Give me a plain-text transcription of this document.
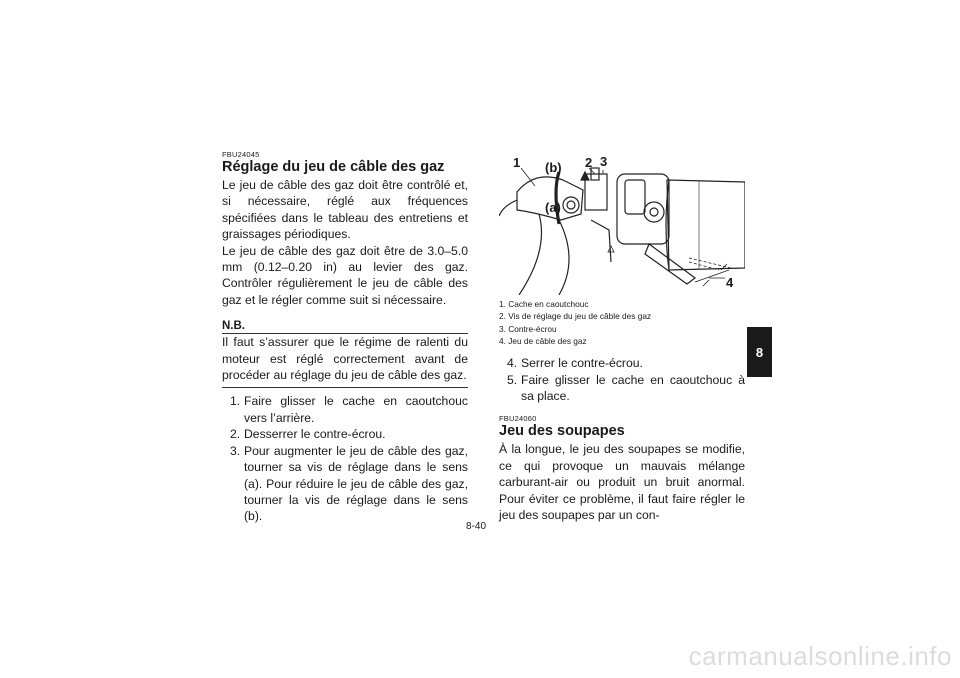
FBU24045
Réglage du jeu de câble des gaz

Le jeu de câble des gaz doit être contrôlé et, si nécessaire, réglé aux fréquences spécifiées dans le tableau des entretiens et graissages périodiques.

Le jeu de câble des gaz doit être de 3.0–5.0 mm (0.12–0.20 in) au levier des gaz. Contrôler régulièrement le jeu de câble des gaz et le régler comme suit si nécessaire.

N.B.

Il faut s’assurer que le régime de ralenti du moteur est réglé correctement avant de procéder au réglage du jeu de câble des gaz.

1. Faire glisser le cache en caoutchouc vers l’arrière.
2. Desserrer le contre-écrou.
3. Pour augmenter le jeu de câble des gaz, tourner sa vis de réglage dans le sens (a). Pour réduire le jeu de câble des gaz, tourner la vis de réglage dans le sens (b).
1 (b) 2 3
(a)
4
1. Cache en caoutchouc
2. Vis de réglage du jeu de câble des gaz
3. Contre-écrou
4. Jeu de câble des gaz
4. Serrer le contre-écrou.
5. Faire glisser le cache en caoutchouc à sa place.
FBU24060
Jeu des soupapes

À la longue, le jeu des soupapes se modifie, ce qui provoque un mauvais mélange carburant-air ou produit un bruit anormal. Pour éviter ce problème, il faut faire régler le jeu des soupapes par un con-

8
8-40
carmanualsonline.info
